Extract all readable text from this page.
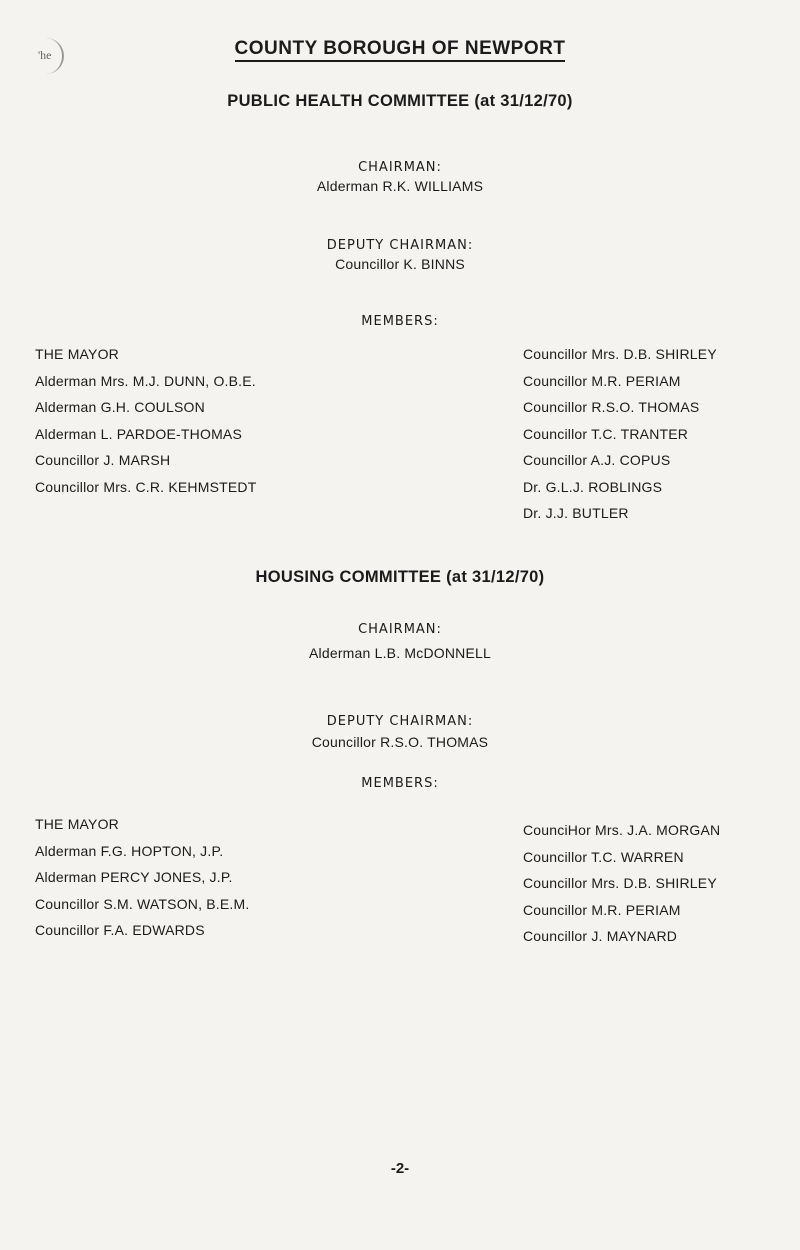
'he	COUNTY BOROUGH OF NEWPORT
PUBLIC HEALTH COMMITTEE (at 31/12/70)
CHAIRMAN:
Alderman R.K. WILLIAMS
DEPUTY CHAIRMAN:
Councillor K. BINNS
MEMBERS:
THE MAYOR
Alderman Mrs. M.J. DUNN, O.B.E.
Alderman G.H. COULSON
Alderman L. PARDOE-THOMAS
Councillor J. MARSH
Councillor Mrs. C.R. KEHMSTEDT
Councillor Mrs. D.B. SHIRLEY
Councillor M.R. PERIAM
Councillor R.S.O. THOMAS
Councillor T.C. TRANTER
Councillor A.J. COPUS
Dr. G.L.J. ROBLINGS
Dr. J.J. BUTLER
HOUSING COMMITTEE (at 31/12/70)
CHAIRMAN:
Alderman L.B. McDONNELL
DEPUTY CHAIRMAN:
Councillor R.S.O. THOMAS
MEMBERS:
THE MAYOR
Alderman F.G. HOPTON, J.P.
Alderman PERCY JONES, J.P.
Councillor S.M. WATSON, B.E.M.
Councillor F.A. EDWARDS
CounciHor Mrs. J.A. MORGAN
Councillor T.C. WARREN
Councillor Mrs. D.B. SHIRLEY
Councillor M.R. PERIAM
Councillor J. MAYNARD
-2-
